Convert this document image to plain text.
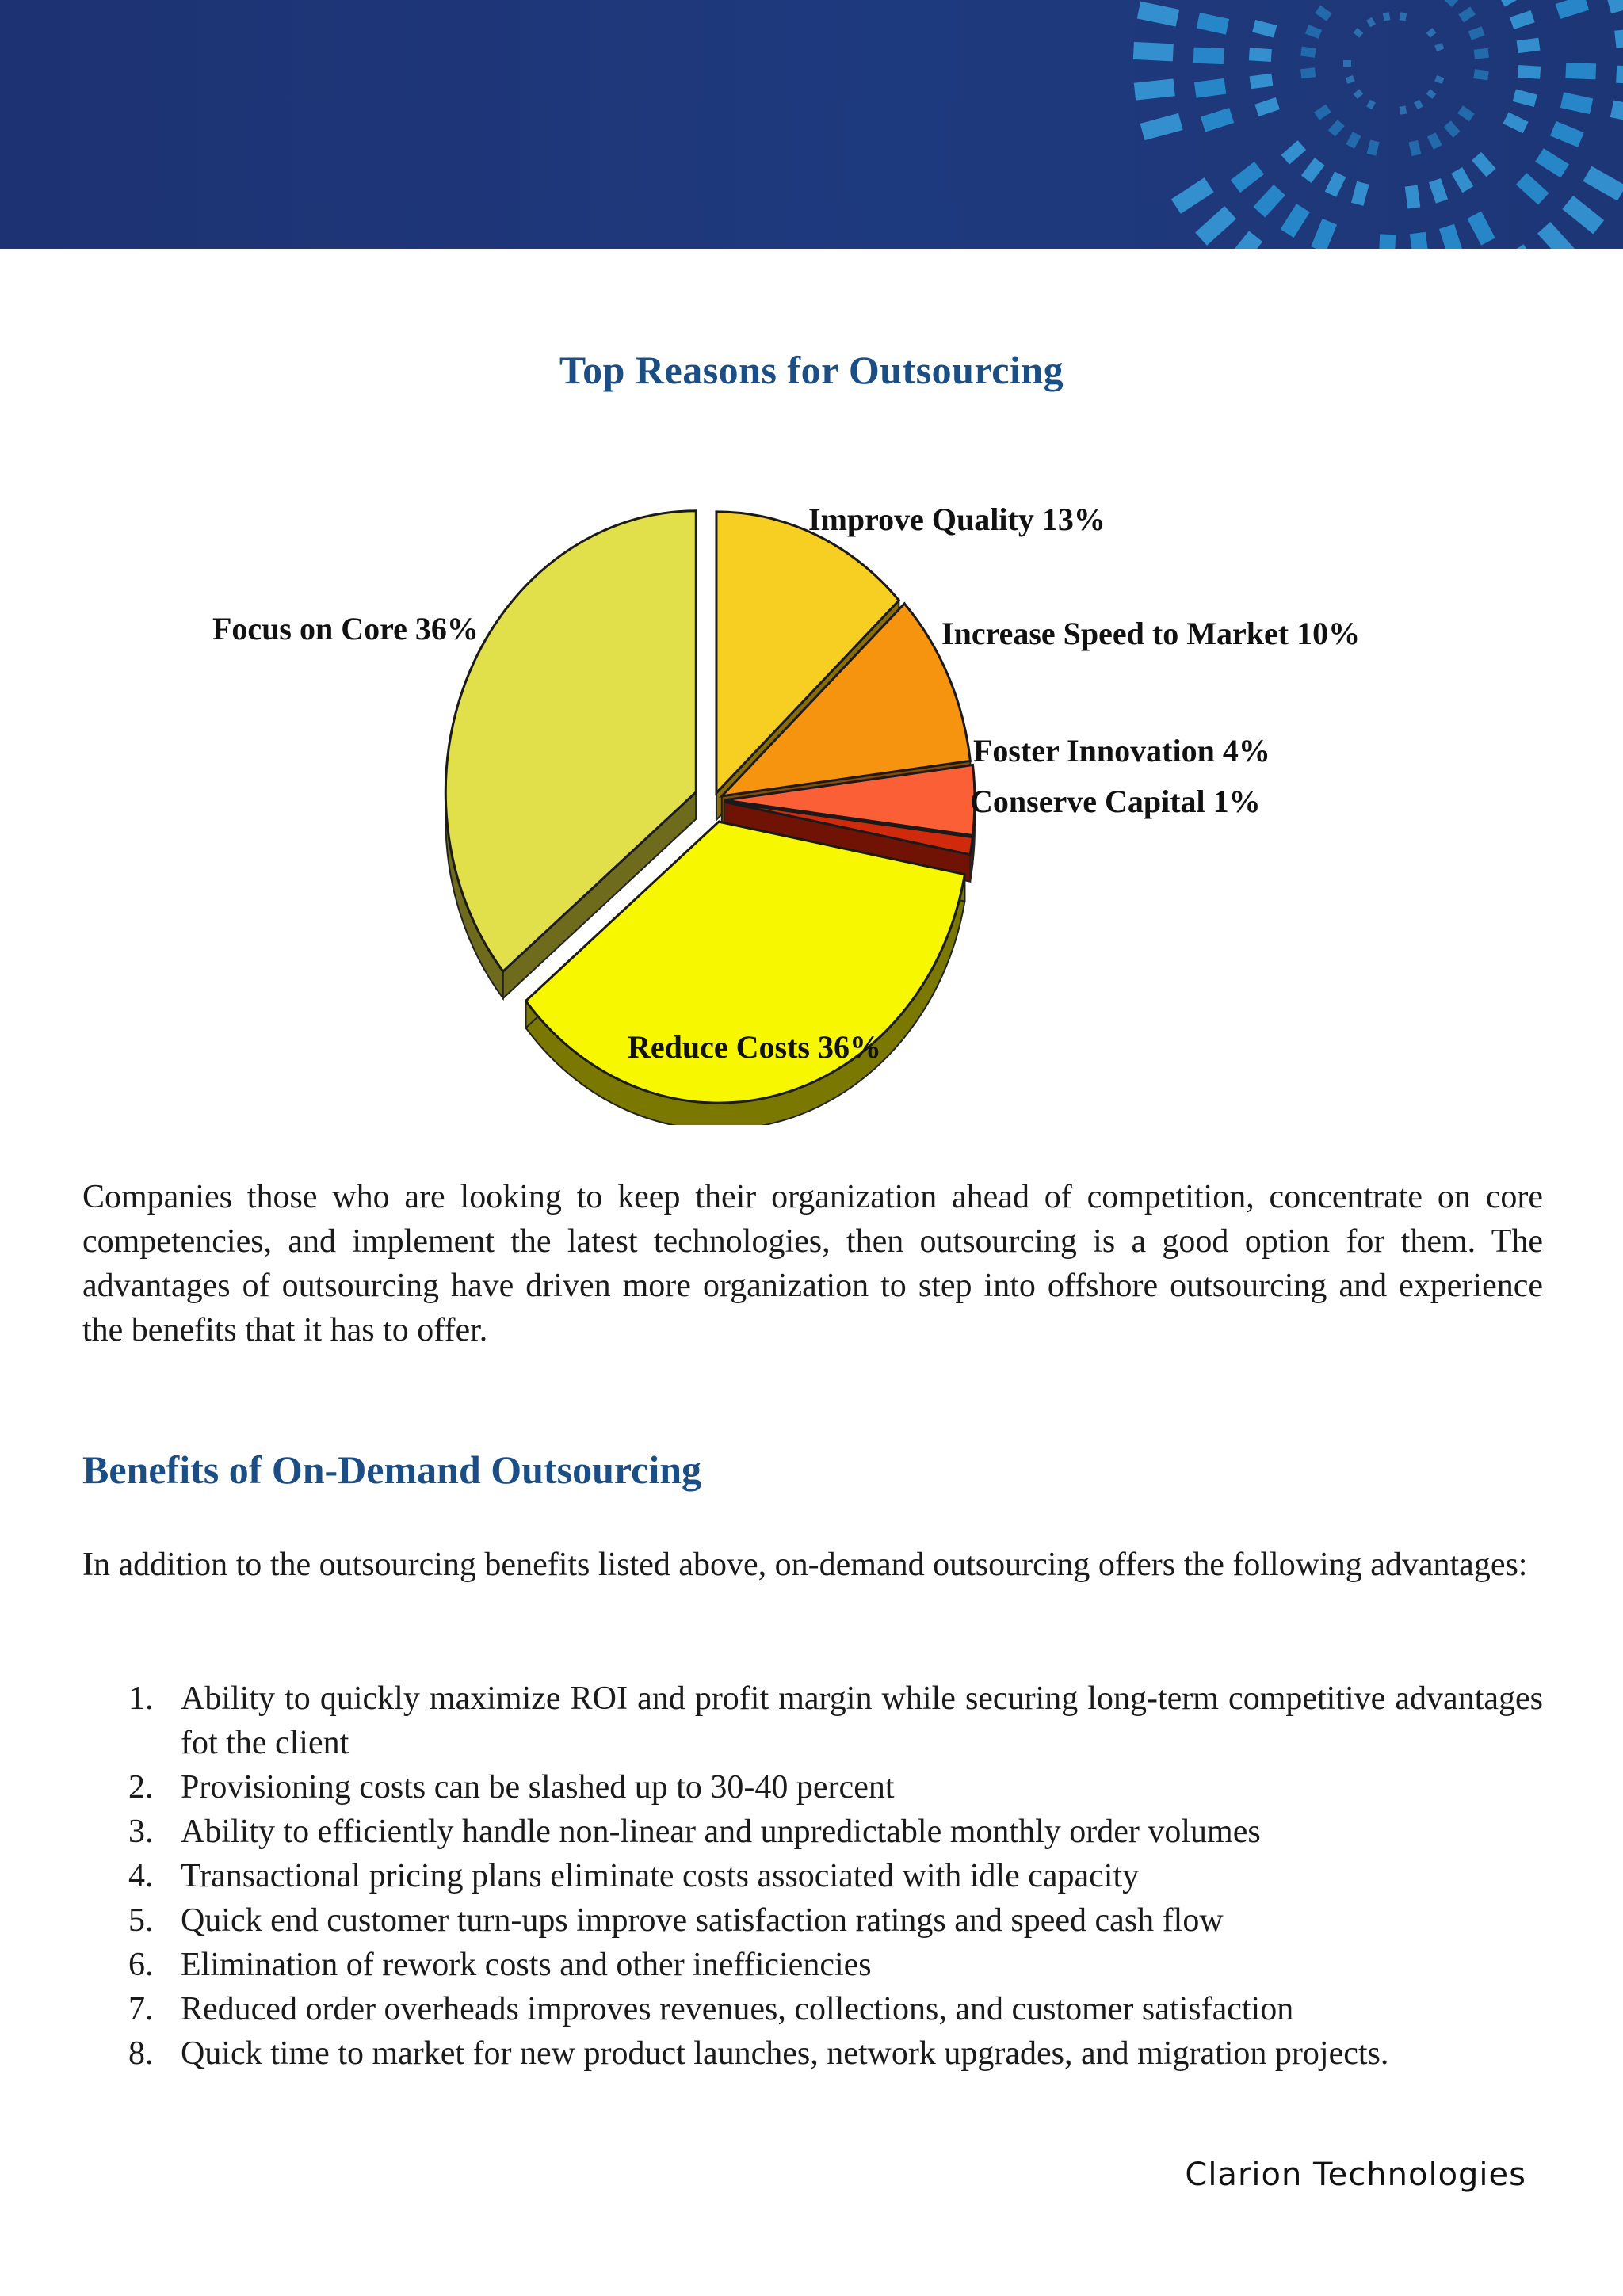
Top Reasons for Outsourcing
Improve Quality 13%
Increase Speed to Market 10%
Foster Innovation 4%
Conserve Capital 1%
Reduce Costs 36%
Focus on Core 36%
Companies those who are looking to keep their organization ahead of competition, concentrate on core competencies, and implement the latest technologies, then outsourcing is a good option for them. The advantages of outsourcing have driven more organization to step into offshore outsourcing and experience the benefits that it has to offer.
Benefits of On-Demand Outsourcing
In addition to the outsourcing benefits listed above, on-demand outsourcing offers the following advantages:
1. Ability to quickly maximize ROI and profit margin while securing long-term competitive advantages fot the client
2. Provisioning costs can be slashed up to 30-40 percent
3. Ability to efficiently handle non-linear and unpredictable monthly order volumes
4. Transactional pricing plans eliminate costs associated with idle capacity
5. Quick end customer turn-ups improve satisfaction ratings and speed cash flow
6. Elimination of rework costs and other inefficiencies
7. Reduced order overheads improves revenues, collections, and customer satisfaction
8. Quick time to market for new product launches, network upgrades, and migration projects.
Clarion Technologies
